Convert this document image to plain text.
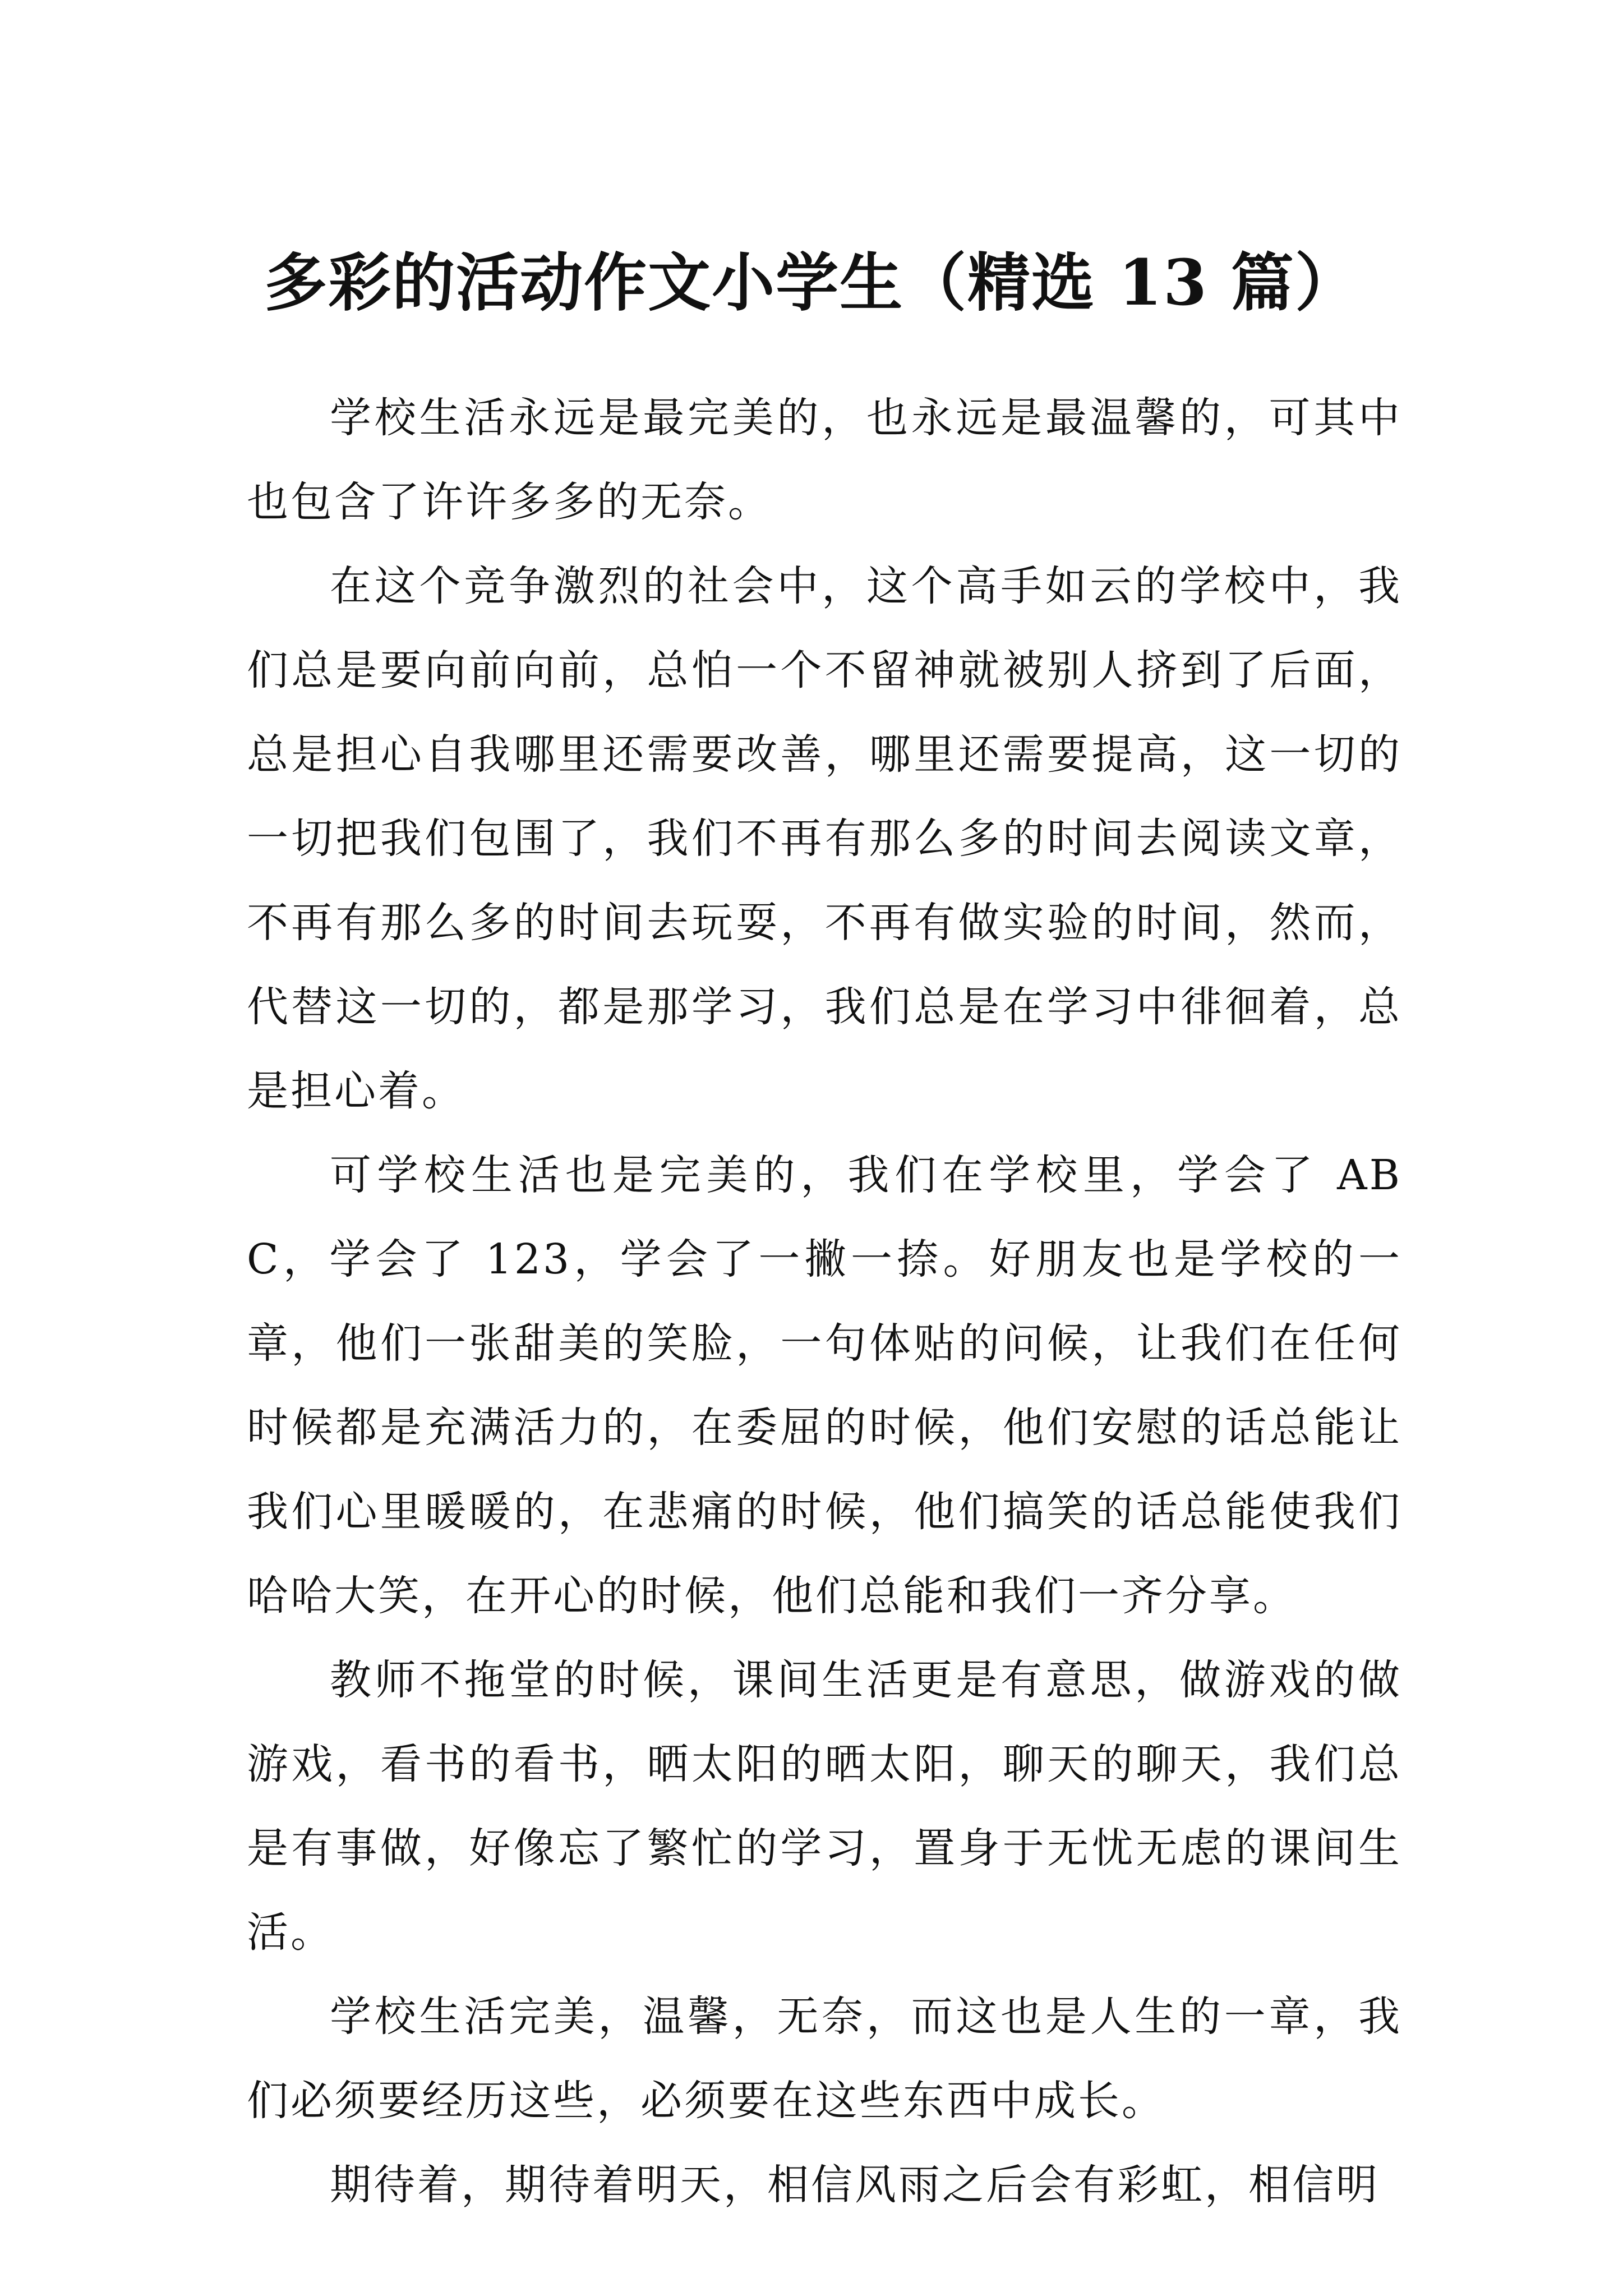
多彩的活动作文小学生（精选 13 篇）

学校生活永远是最完美的，也永远是最温馨的，可其中也包含了许许多多的无奈。

在这个竞争激烈的社会中，这个高手如云的学校中，我们总是要向前向前，总怕一个不留神就被别人挤到了后面，总是担心自我哪里还需要改善，哪里还需要提高，这一切的一切把我们包围了，我们不再有那么多的时间去阅读文章，不再有那么多的时间去玩耍，不再有做实验的时间，然而，代替这一切的，都是那学习，我们总是在学习中徘徊着，总是担心着。

可学校生活也是完美的，我们在学校里，学会了 ABC，学会了 123，学会了一撇一捺。好朋友也是学校的一章，他们一张甜美的笑脸，一句体贴的问候，让我们在任何时候都是充满活力的，在委屈的时候，他们安慰的话总能让我们心里暖暖的，在悲痛的时候，他们搞笑的话总能使我们哈哈大笑，在开心的时候，他们总能和我们一齐分享。

教师不拖堂的时候，课间生活更是有意思，做游戏的做游戏，看书的看书，晒太阳的晒太阳，聊天的聊天，我们总是有事做，好像忘了繁忙的学习，置身于无忧无虑的课间生活。

学校生活完美，温馨，无奈，而这也是人生的一章，我们必须要经历这些，必须要在这些东西中成长。

期待着，期待着明天，相信风雨之后会有彩虹，相信明
